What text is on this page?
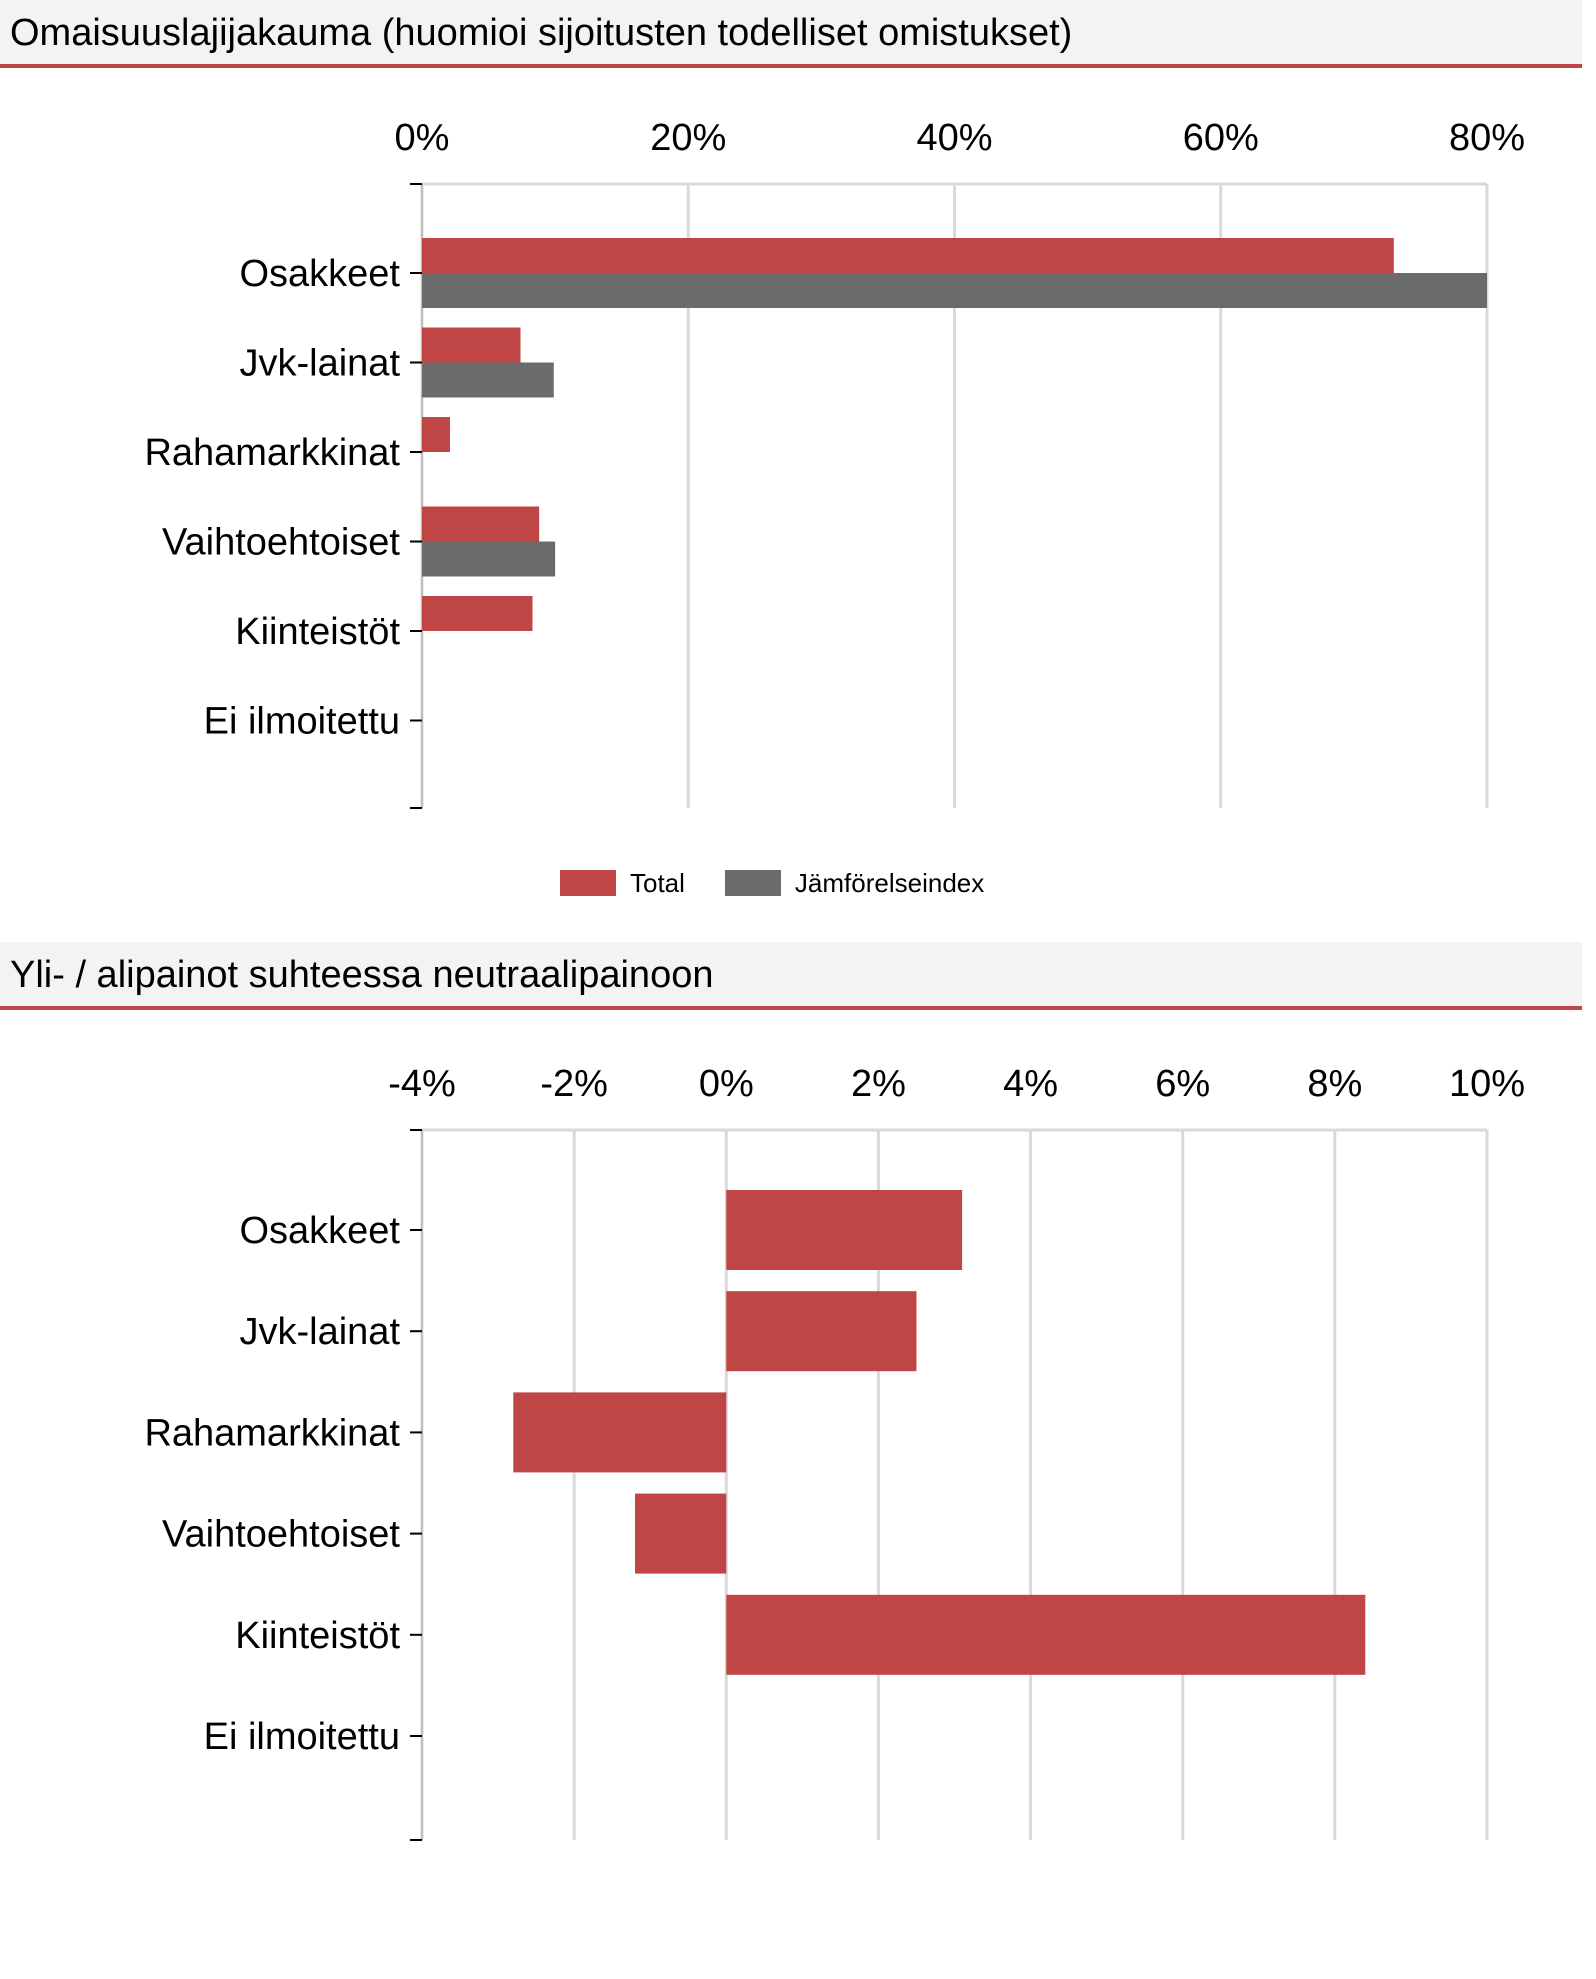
Omaisuuslajijakauma (huomioi sijoitusten todelliset omistukset)
Yli- / alipainot suhteessa neutraalipainoon
0%	20%	40%	60%	80%
Osakkeet
Jvk-lainat
Rahamarkkinat
Vaihtoehtoiset
Kiinteistöt
Ei ilmoitettu
Total	Jämförelseindex
-4% -2% 0%	2%	4%	6%	8% 10%
Osakkeet
Jvk-lainat
Rahamarkkinat
Vaihtoehtoiset
Kiinteistöt
Ei ilmoitettu
